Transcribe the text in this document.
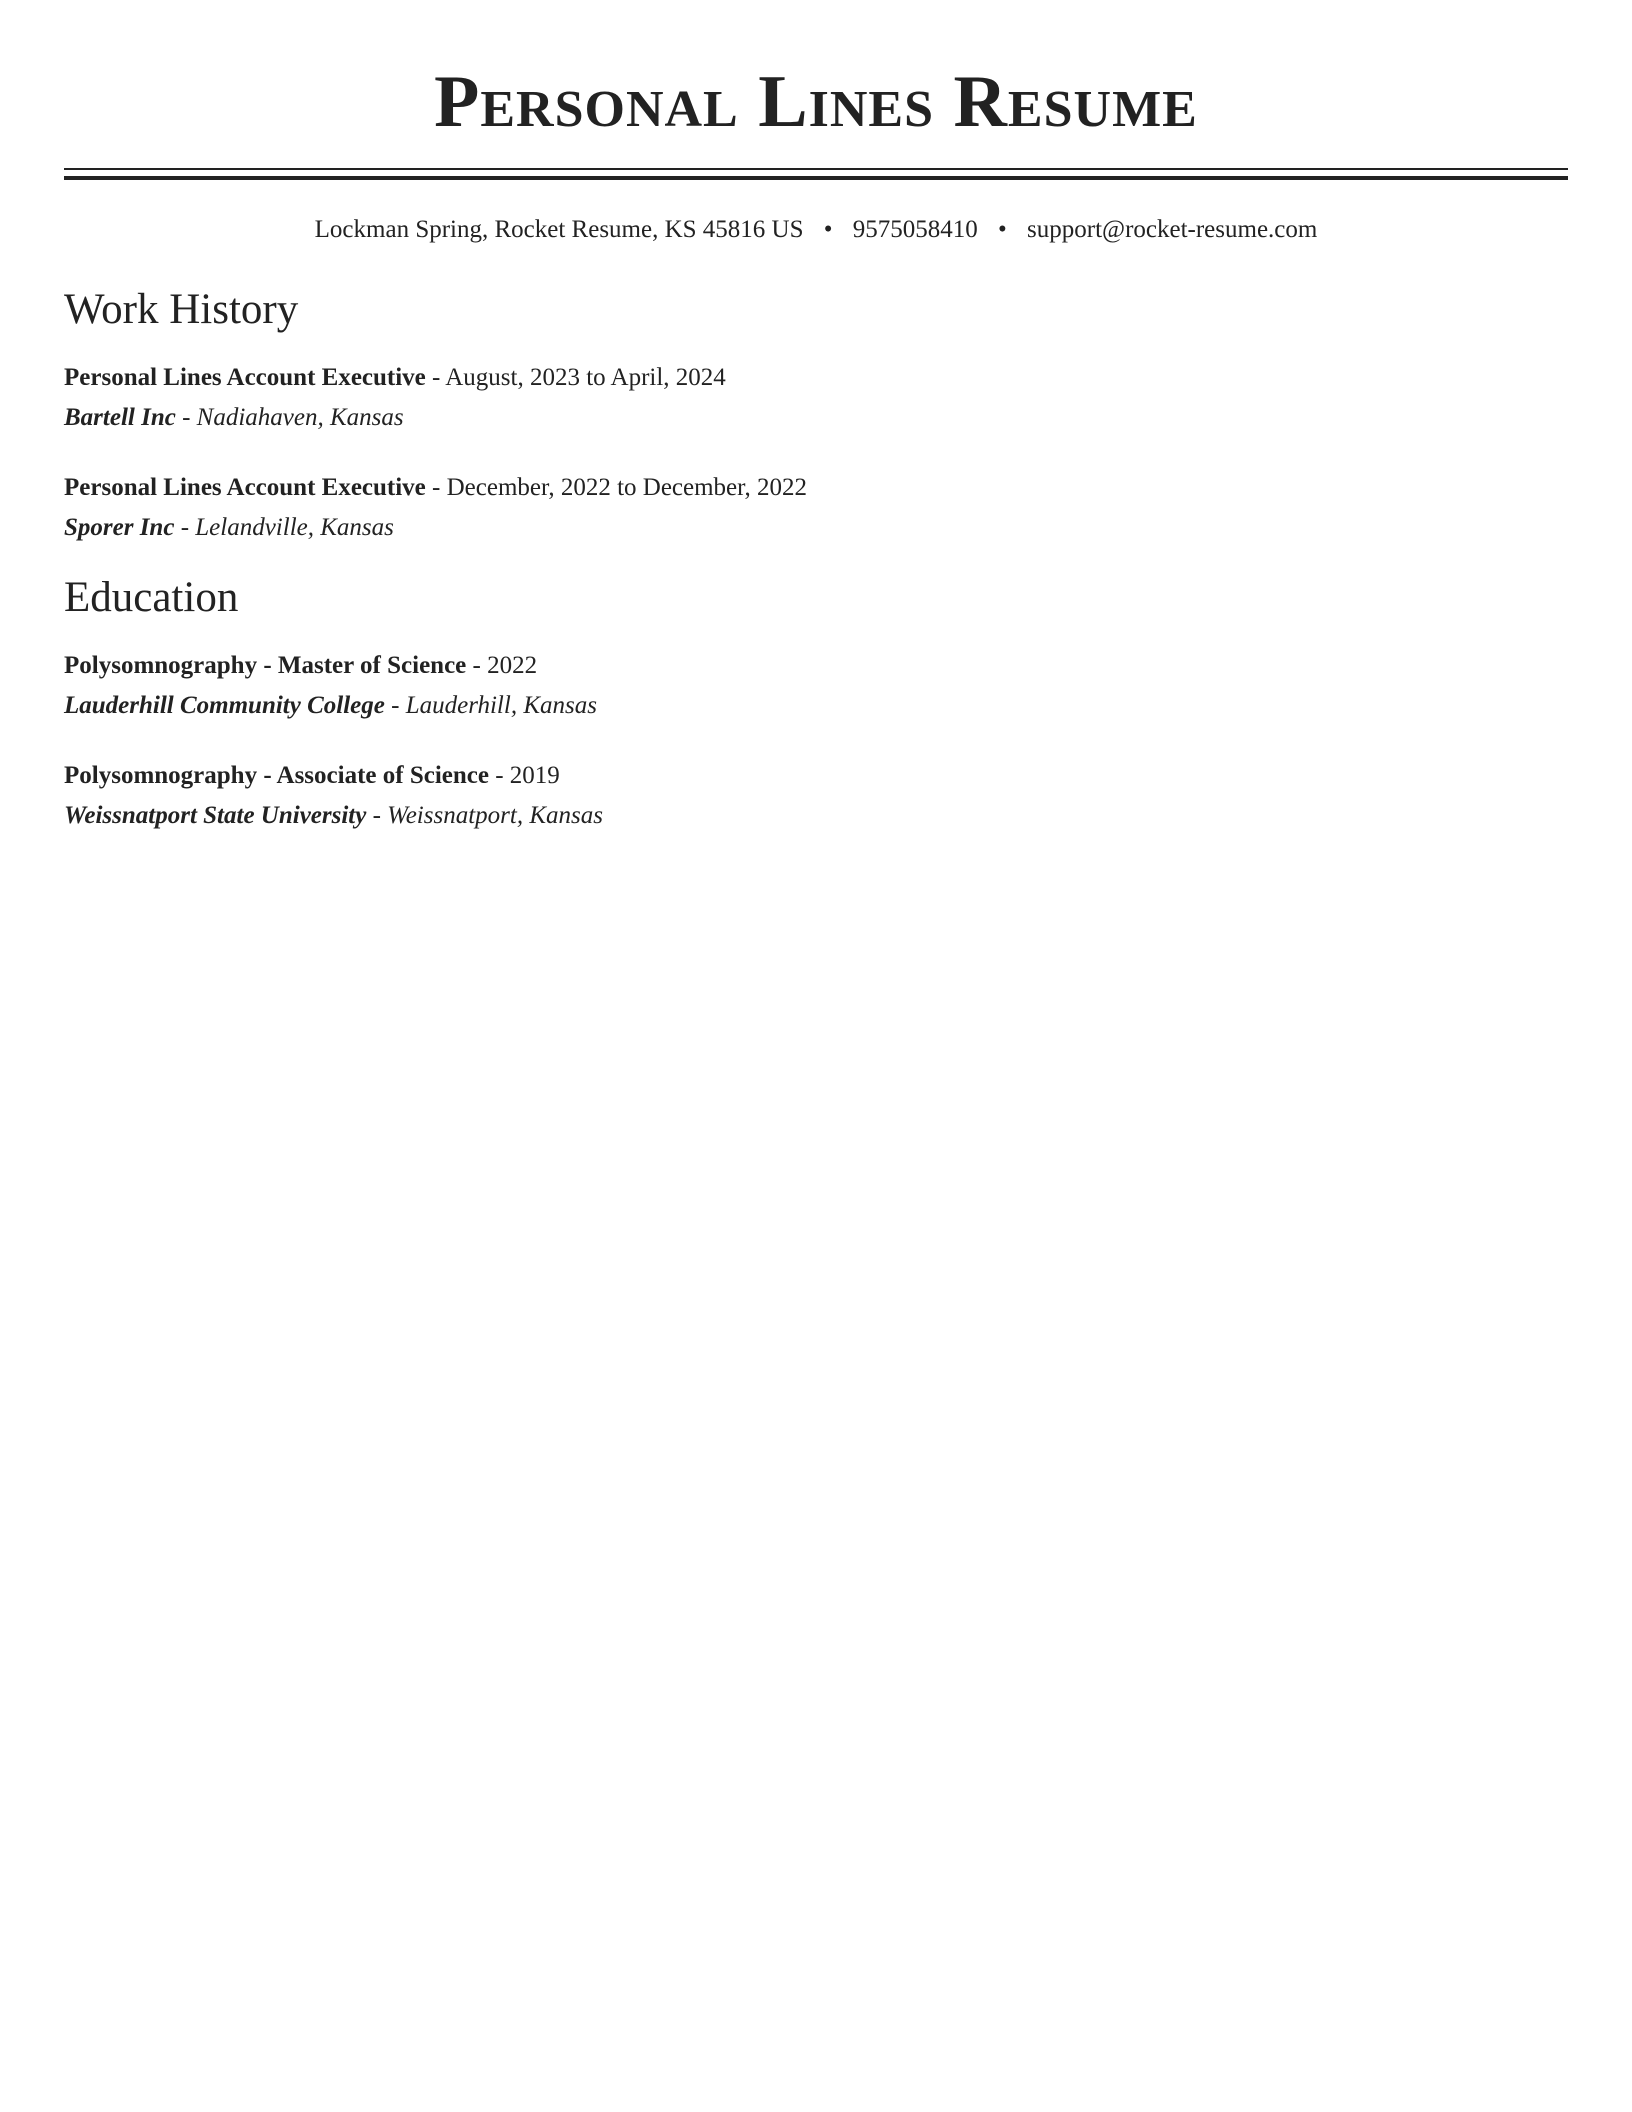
Personal Lines Resume
Lockman Spring, Rocket Resume, KS 45816 US • 9575058410 • support@rocket-resume.com
Work History
Personal Lines Account Executive - August, 2023 to April, 2024
Bartell Inc - Nadiahaven, Kansas
Personal Lines Account Executive - December, 2022 to December, 2022
Sporer Inc - Lelandville, Kansas
Education
Polysomnography - Master of Science - 2022
Lauderhill Community College - Lauderhill, Kansas
Polysomnography - Associate of Science - 2019
Weissnatport State University - Weissnatport, Kansas
